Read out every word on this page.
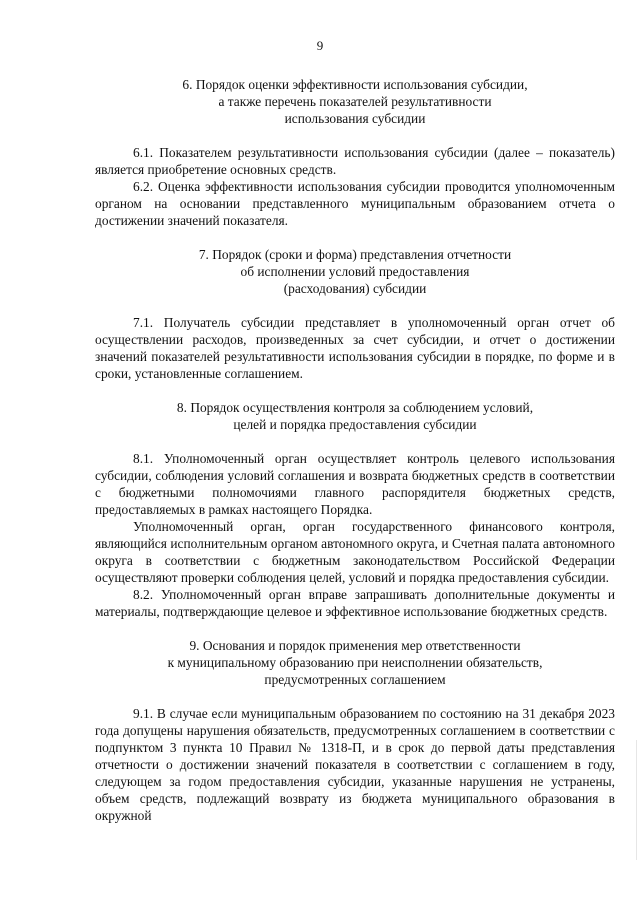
9
6. Порядок оценки эффективности использования субсидии,
а также перечень показателей результативности
использования субсидии

6.1. Показателем результативности использования субсидии (далее – показатель) является приобретение основных средств.

6.2. Оценка эффективности использования субсидии проводится уполномоченным органом на основании представленного муниципальным образованием отчета о достижении значений показателя.

7. Порядок (сроки и форма) представления отчетности
об исполнении условий предоставления
(расходования) субсидии

7.1. Получатель субсидии представляет в уполномоченный орган отчет об осуществлении расходов, произведенных за счет субсидии, и отчет о достижении значений показателей результативности использования субсидии в порядке, по форме и в сроки, установленные соглашением.

8. Порядок осуществления контроля за соблюдением условий,
целей и порядка предоставления субсидии

8.1. Уполномоченный орган осуществляет контроль целевого использования субсидии, соблюдения условий соглашения и возврата бюджетных средств в соответствии с бюджетными полномочиями главного распорядителя бюджетных средств, предоставляемых в рамках настоящего Порядка.

Уполномоченный орган, орган государственного финансового контроля, являющийся исполнительным органом автономного округа, и Счетная палата автономного округа в соответствии с бюджетным законодательством Российской Федерации осуществляют проверки соблюдения целей, условий и порядка предоставления субсидии.

8.2. Уполномоченный орган вправе запрашивать дополнительные документы и материалы, подтверждающие целевое и эффективное использование бюджетных средств.

9. Основания и порядок применения мер ответственности
к муниципальному образованию при неисполнении обязательств,
предусмотренных соглашением

9.1. В случае если муниципальным образованием по состоянию на 31 декабря 2023 года допущены нарушения обязательств, предусмотренных соглашением в соответствии с подпунктом 3 пункта 10 Правил № 1318-П, и в срок до первой даты представления отчетности о достижении значений показателя в соответствии с соглашением в году, следующем за годом предоставления субсидии, указанные нарушения не устранены, объем средств, подлежащий возврату из бюджета муниципального образования в окружной
